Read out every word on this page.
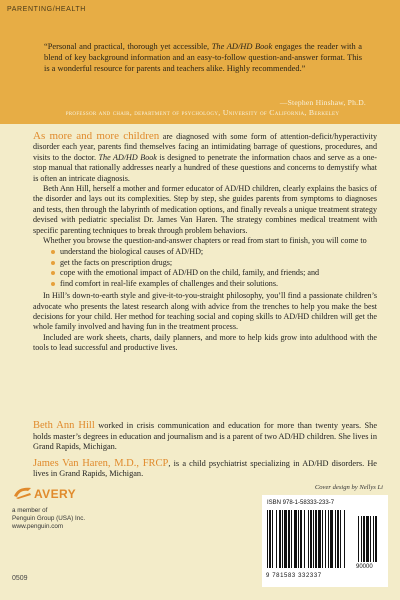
PARENTING/HEALTH
“Personal and practical, thorough yet accessible, The AD/HD Book engages the reader with a blend of key background information and an easy-to-follow question-and-answer format. This is a wonderful resource for parents and teachers alike. Highly recommended.”
—Stephen Hinshaw, Ph.D.
professor and chair, department of psychology, University of California, Berkeley

As more and more children are diagnosed with some form of attention-deficit/hyperactivity disorder each year, parents find themselves facing an intimidating barrage of questions, procedures, and visits to the doctor. The AD/HD Book is designed to penetrate the information chaos and serve as a one-stop manual that rationally addresses nearly a hundred of these questions and concerns to demystify what is often an intricate diagnosis.

Beth Ann Hill, herself a mother and former educator of AD/HD children, clearly explains the basics of the disorder and lays out its complexities. Step by step, she guides parents from symptoms to diagnoses and tests, then through the labyrinth of medication options, and finally reveals a unique treatment strategy devised with pediatric specialist Dr. James Van Haren. The strategy combines medical treatment with specific parenting techniques to break through problem behaviors.

Whether you browse the question-and-answer chapters or read from start to finish, you will come to

understand the biological causes of AD/HD;
get the facts on prescription drugs;
cope with the emotional impact of AD/HD on the child, family, and friends; and
find comfort in real-life examples of challenges and their solutions.

In Hill’s down-to-earth style and give-it-to-you-straight philosophy, you’ll find a passionate children’s advocate who presents the latest research along with advice from the trenches to help you make the best decisions for your child. Her method for teaching social and coping skills to AD/HD children will get the whole family involved and having fun in the treatment process.

Included are work sheets, charts, daily planners, and more to help kids grow into adulthood with the tools to lead successful and productive lives.

Beth Ann Hill worked in crisis communication and education for more than twenty years. She holds master’s degrees in education and journalism and is a parent of two AD/HD children. She lives in Grand Rapids, Michigan.

James Van Haren, M.D., FRCP, is a child psychiatrist specializing in AD/HD disorders. He lives in Grand Rapids, Michigan.

Cover design by Nellys Li
AVERY
a member of
Penguin Group (USA) Inc.
www.penguin.com
0509
ISBN 978-1-58333-233-7
9 781583 332337
90000
